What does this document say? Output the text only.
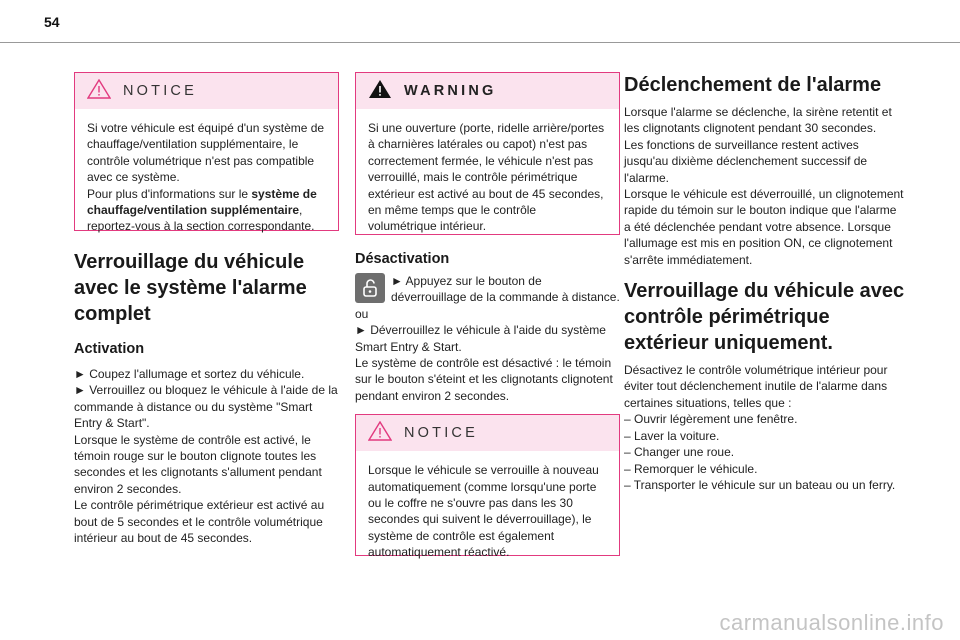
54
NOTICE
Si votre véhicule est équipé d'un système de chauffage/ventilation supplémentaire, le contrôle volumétrique n'est pas compatible avec ce système.
Pour plus d'informations sur le système de chauffage/ventilation supplémentaire, reportez-vous à la section correspondante.
Verrouillage du véhicule avec le système l'alarme complet
Activation

► Coupez l'allumage et sortez du véhicule.

► Verrouillez ou bloquez le véhicule à l'aide de la commande à distance ou du système "Smart Entry & Start".

Lorsque le système de contrôle est activé, le témoin rouge sur le bouton clignote toutes les secondes et les clignotants s'allument pendant environ 2 secondes.

Le contrôle périmétrique extérieur est activé au bout de 5 secondes et le contrôle volumétrique intérieur au bout de 45 secondes.

WARNING
Si une ouverture (porte, ridelle arrière/portes à charnières latérales ou capot) n'est pas correctement fermée, le véhicule n'est pas verrouillé, mais le contrôle périmétrique extérieur est activé au bout de 45 secondes, en même temps que le contrôle volumétrique intérieur.
Désactivation

► Appuyez sur le bouton de déverrouillage de la commande à distance.

ou

► Déverrouillez le véhicule à l'aide du système Smart Entry & Start.

Le système de contrôle est désactivé : le témoin sur le bouton s'éteint et les clignotants clignotent pendant environ 2 secondes.

NOTICE
Lorsque le véhicule se verrouille à nouveau automatiquement (comme lorsqu'une porte ou le coffre ne s'ouvre pas dans les 30 secondes qui suivent le déverrouillage), le système de contrôle est également automatiquement réactivé.
Déclenchement de l'alarme

Lorsque l'alarme se déclenche, la sirène retentit et les clignotants clignotent pendant 30 secondes.

Les fonctions de surveillance restent actives jusqu'au dixième déclenchement successif de l'alarme.

Lorsque le véhicule est déverrouillé, un clignotement rapide du témoin sur le bouton indique que l'alarme a été déclenchée pendant votre absence. Lorsque l'allumage est mis en position ON, ce clignotement s'arrête immédiatement.

Verrouillage du véhicule avec contrôle périmétrique extérieur uniquement.

Désactivez le contrôle volumétrique intérieur pour éviter tout déclenchement inutile de l'alarme dans certaines situations, telles que :

– Ouvrir légèrement une fenêtre.

– Laver la voiture.

– Changer une roue.

– Remorquer le véhicule.

– Transporter le véhicule sur un bateau ou un ferry.

carmanualsonline.info
